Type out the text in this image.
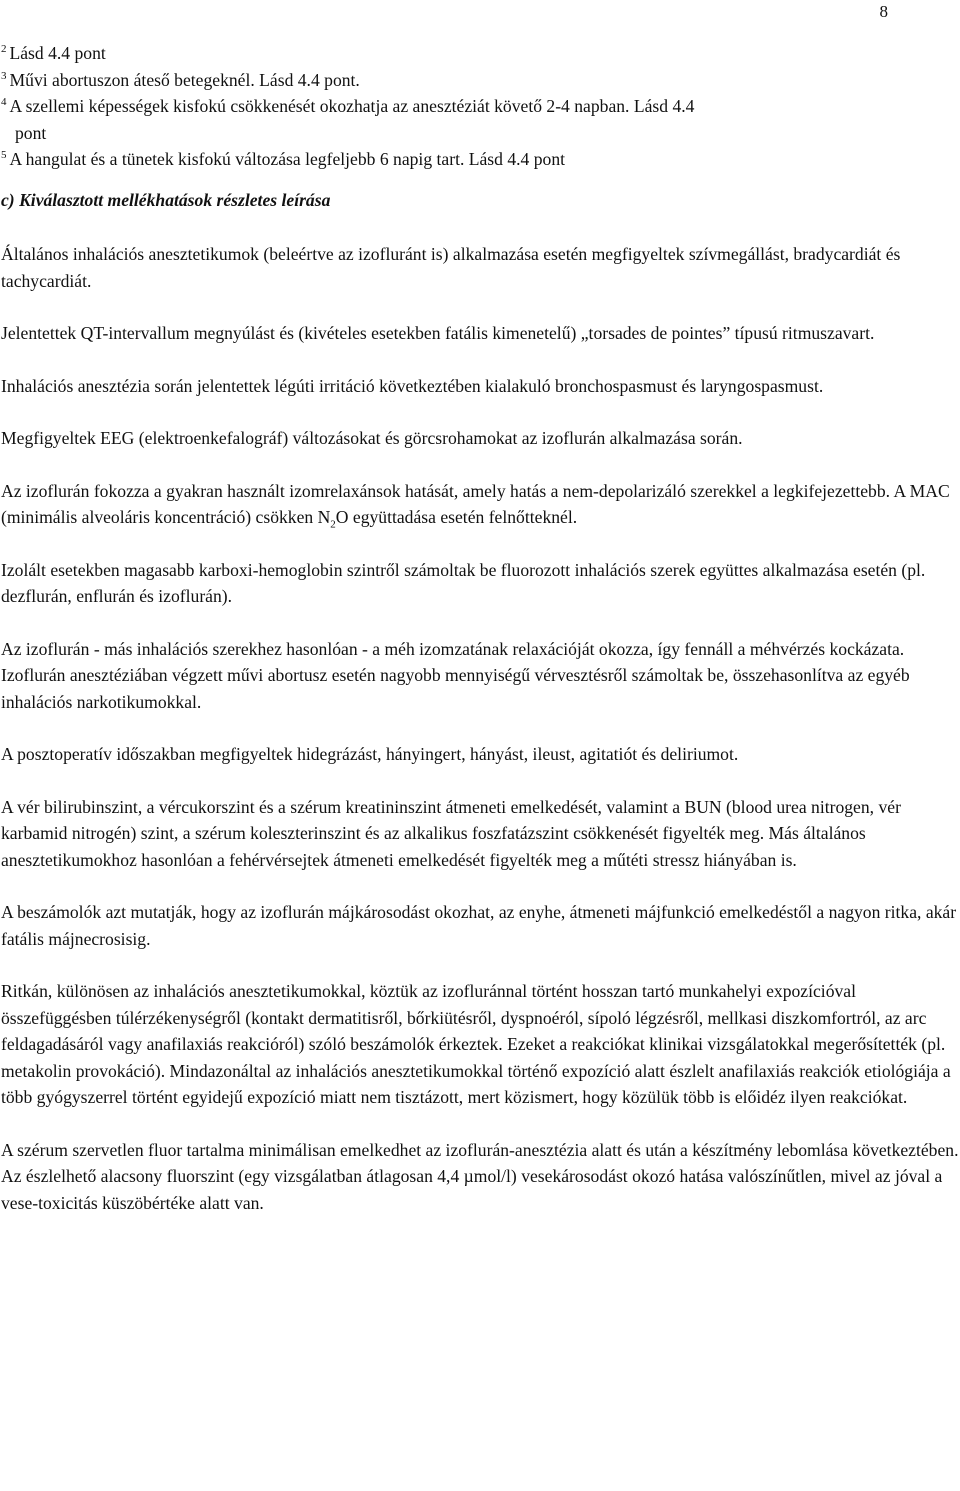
8
$^2$ Lásd 4.4 pont
$^3$ Művi abortuszon áteső betegeknél. Lásd 4.4 pont.
$^4$ A szellemi képességek kisfokú csökkenését okozhatja az anesztéziát követő 2-4 napban. Lásd 4.4
pont
$^5$ A hangulat és a tünetek kisfokú változása legfeljebb 6 napig tart. Lásd 4.4 pont
c) Kiválasztott mellékhatások részletes leírása

Általános inhalációs anesztetikumok (beleértve az izofluránt is) alkalmazása esetén megfigyeltek szívmegállást, bradycardiát és tachycardiát.

Jelentettek QT-intervallum megnyúlást és (kivételes esetekben fatális kimenetelű) „torsades de pointes” típusú ritmuszavart.

Inhalációs anesztézia során jelentettek légúti irritáció következtében kialakuló bronchospasmust és laryngospasmust.

Megfigyeltek EEG (elektroenkefalográf) változásokat és görcsrohamokat az izoflurán alkalmazása során.

Az izoflurán fokozza a gyakran használt izomrelaxánsok hatását, amely hatás a nem-depolarizáló szerekkel a legkifejezettebb. A MAC (minimális alveoláris koncentráció) csökken $N_2O$ együttadása esetén felnőtteknél.

Izolált esetekben magasabb karboxi-hemoglobin szintről számoltak be fluorozott inhalációs szerek együttes alkalmazása esetén (pl. dezflurán, enflurán és izoflurán).

Az izoflurán - más inhalációs szerekhez hasonlóan - a méh izomzatának relaxációját okozza, így fennáll a méhvérzés kockázata. Izoflurán anesztéziában végzett művi abortusz esetén nagyobb mennyiségű vérvesztésről számoltak be, összehasonlítva az egyéb inhalációs narkotikumokkal.

A posztoperatív időszakban megfigyeltek hidegrázást, hányingert, hányást, ileust, agitatiót és deliriumot.

A vér bilirubinszint, a vércukorszint és a szérum kreatininszint átmeneti emelkedését, valamint a BUN (blood urea nitrogen, vér karbamid nitrogén) szint, a szérum koleszterinszint és az alkalikus foszfatázszint csökkenését figyelték meg. Más általános anesztetikumokhoz hasonlóan a fehérvérsejtek átmeneti emelkedését figyelték meg a műtéti stressz hiányában is.

A beszámolók azt mutatják, hogy az izoflurán májkárosodást okozhat, az enyhe, átmeneti májfunkció emelkedéstől a nagyon ritka, akár fatális májnecrosisig.

Ritkán, különösen az inhalációs anesztetikumokkal, köztük az izofluránnal történt hosszan tartó munkahelyi expozícióval összefüggésben túlérzékenységről (kontakt dermatitisről, bőrkiütésről, dyspnoéról, sípoló légzésről, mellkasi diszkomfortról, az arc feldagadásáról vagy anafilaxiás reakcióról) szóló beszámolók érkeztek. Ezeket a reakciókat klinikai vizsgálatokkal megerősítették (pl. metakolin provokáció). Mindazonáltal az inhalációs anesztetikumokkal történő expozíció alatt észlelt anafilaxiás reakciók etiológiája a több gyógyszerrel történt egyidejű expozíció miatt nem tisztázott, mert közismert, hogy közülük több is előidéz ilyen reakciókat.

A szérum szervetlen fluor tartalma minimálisan emelkedhet az izoflurán-anesztézia alatt és után a készítmény lebomlása következtében. Az észlelhető alacsony fluorszint (egy vizsgálatban átlagosan 4,4 µmol/l) vesekárosodást okozó hatása valószínűtlen, mivel az jóval a vese-toxicitás küszöbértéke alatt van.
